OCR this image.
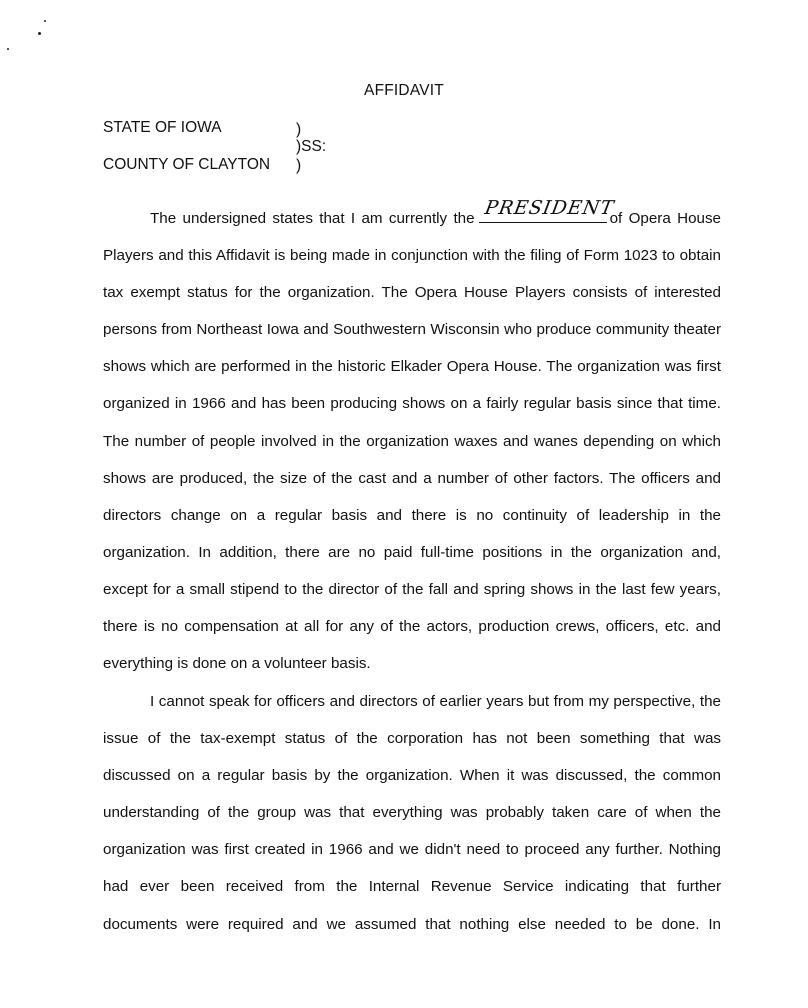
AFFIDAVIT
STATE OF IOWA	)
)SS:
COUNTY OF CLAYTON )
The undersigned states that I am currently the PRESIDENT
of Opera House
Players and this Affidavit is being made in conjunction with the filing of Form 1023 to obtain
tax exempt status for the organization. The Opera House Players consists of interested
persons from Northeast Iowa and Southwestern Wisconsin who produce community theater
shows which are performed in the historic Elkader Opera House. The organization was first
organized in 1966 and has been producing shows on a fairly regular basis since that time.
The number of people involved in the organization waxes and wanes depending on which
shows are produced, the size of the cast and a number of other factors. The officers and
directors change on a regular basis and there is no continuity of leadership in the
organization. In addition, there are no paid full-time positions in the organization and,
except for a small stipend to the director of the fall and spring shows in the last few years,
there is no compensation at all for any of the actors, production crews, officers, etc. and
everything is done on a volunteer basis.
I cannot speak for officers and directors of earlier years but from my perspective, the
issue of the tax-exempt status of the corporation has not been something that was
discussed on a regular basis by the organization. When it was discussed, the common
understanding of the group was that everything was probably taken care of when the
organization was first created in 1966 and we didn't need to proceed any further. Nothing
had ever been received from the Internal Revenue Service indicating that further
documents were required and we assumed that nothing else needed to be done. In
